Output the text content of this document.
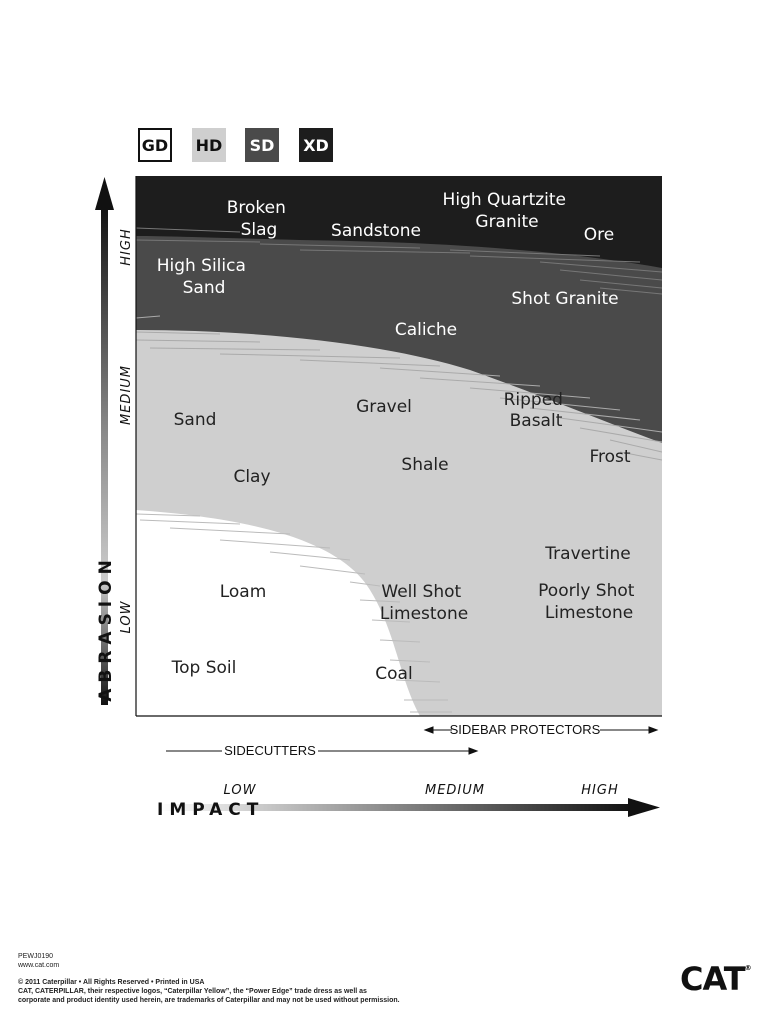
GD HD SD XD
Broken Slag	Sandstone
High Quartzite Granite
Ore
High Silica Sand
Shot Granite
Caliche
Sand
Gravel	Ripped Basalt
Frost
Clay
Shale
Travertine
Loam	Well Shot Limestone
Poorly Shot Limestone
Top Soil	Coal
HIGH
MEDIUM
LOW
ABRASION
SIDEBAR PROTECTORS
SIDECUTTERS
LOW	MEDIUM	HIGH
IMPACT
PEWJ0190
www.cat.com
© 2011 Caterpillar • All Rights Reserved • Printed in USA
CAT, CATERPILLAR, their respective logos, “Caterpillar Yellow”, the “Power Edge” trade dress as well as
corporate and product identity used herein, are trademarks of Caterpillar and may not be used without permission.
CAT®
